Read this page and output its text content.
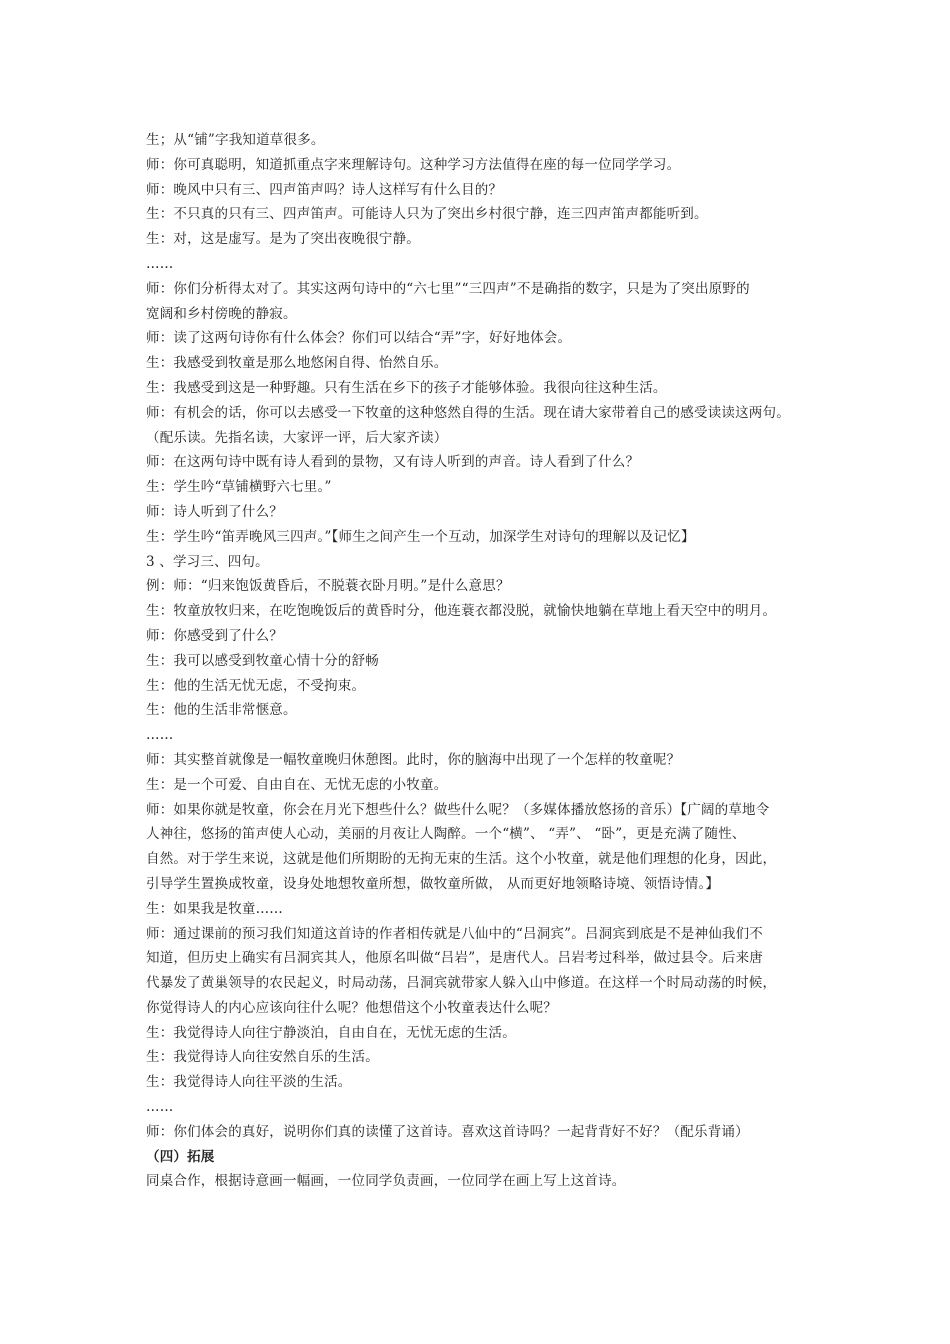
生；从“铺”字我知道草很多。
师：你可真聪明，知道抓重点字来理解诗句。这种学习方法值得在座的每一位同学学习。
师：晚风中只有三、四声笛声吗？诗人这样写有什么目的？
生：不只真的只有三、四声笛声。可能诗人只为了突出乡村很宁静，连三四声笛声都能听到。
生：对，这是虚写。是为了突出夜晚很宁静。
……
师：你们分析得太对了。其实这两句诗中的“六七里”“三四声”不是确指的数字，只是为了突出原野的
宽阔和乡村傍晚的静寂。
师：读了这两句诗你有什么体会？你们可以结合“弄”字，好好地体会。
生：我感受到牧童是那么地悠闲自得、怡然自乐。
生：我感受到这是一种野趣。只有生活在乡下的孩子才能够体验。我很向往这种生活。
师：有机会的话，你可以去感受一下牧童的这种悠然自得的生活。现在请大家带着自己的感受读读这两句。
（配乐读。先指名读，大家评一评，后大家齐读）
师：在这两句诗中既有诗人看到的景物，又有诗人听到的声音。诗人看到了什么？
生：学生吟“草铺横野六七里。”
师：诗人听到了什么？
生：学生吟“笛弄晚风三四声。”【师生之间产生一个互动，加深学生对诗句的理解以及记忆】
3 、学习三、四句。
例：师：“归来饱饭黄昏后，不脱蓑衣卧月明。”是什么意思？
生：牧童放牧归来，在吃饱晚饭后的黄昏时分，他连蓑衣都没脱，就愉快地躺在草地上看天空中的明月。
师：你感受到了什么？
生：我可以感受到牧童心情十分的舒畅
生：他的生活无忧无虑，不受拘束。
生：他的生活非常惬意。
……
师：其实整首就像是一幅牧童晚归休憩图。此时，你的脑海中出现了一个怎样的牧童呢？
生：是一个可爱、自由自在、无忧无虑的小牧童。
师：如果你就是牧童，你会在月光下想些什么？做些什么呢？（多媒体播放悠扬的音乐）【广阔的草地令
人神往，悠扬的笛声使人心动，美丽的月夜让人陶醉。一个“横”、 “弄”、 “卧”，更是充满了随性、
自然。对于学生来说，这就是他们所期盼的无拘无束的生活。这个小牧童，就是他们理想的化身，因此，
引导学生置换成牧童，设身处地想牧童所想，做牧童所做， 从而更好地领略诗境、领悟诗情。】
生：如果我是牧童……
师：通过课前的预习我们知道这首诗的作者相传就是八仙中的“吕洞宾”。吕洞宾到底是不是神仙我们不
知道，但历史上确实有吕洞宾其人，他原名叫做“吕岩”，是唐代人。吕岩考过科举，做过县令。后来唐
代暴发了黄巢领导的农民起义，时局动荡，吕洞宾就带家人躲入山中修道。在这样一个时局动荡的时候，
你觉得诗人的内心应该向往什么呢？他想借这个小牧童表达什么呢？
生：我觉得诗人向往宁静淡泊，自由自在，无忧无虑的生活。
生：我觉得诗人向往安然自乐的生活。
生：我觉得诗人向往平淡的生活。
……
师：你们体会的真好，说明你们真的读懂了这首诗。喜欢这首诗吗？一起背背好不好？（配乐背诵）
（四）拓展
同桌合作，根据诗意画一幅画，一位同学负责画，一位同学在画上写上这首诗。
